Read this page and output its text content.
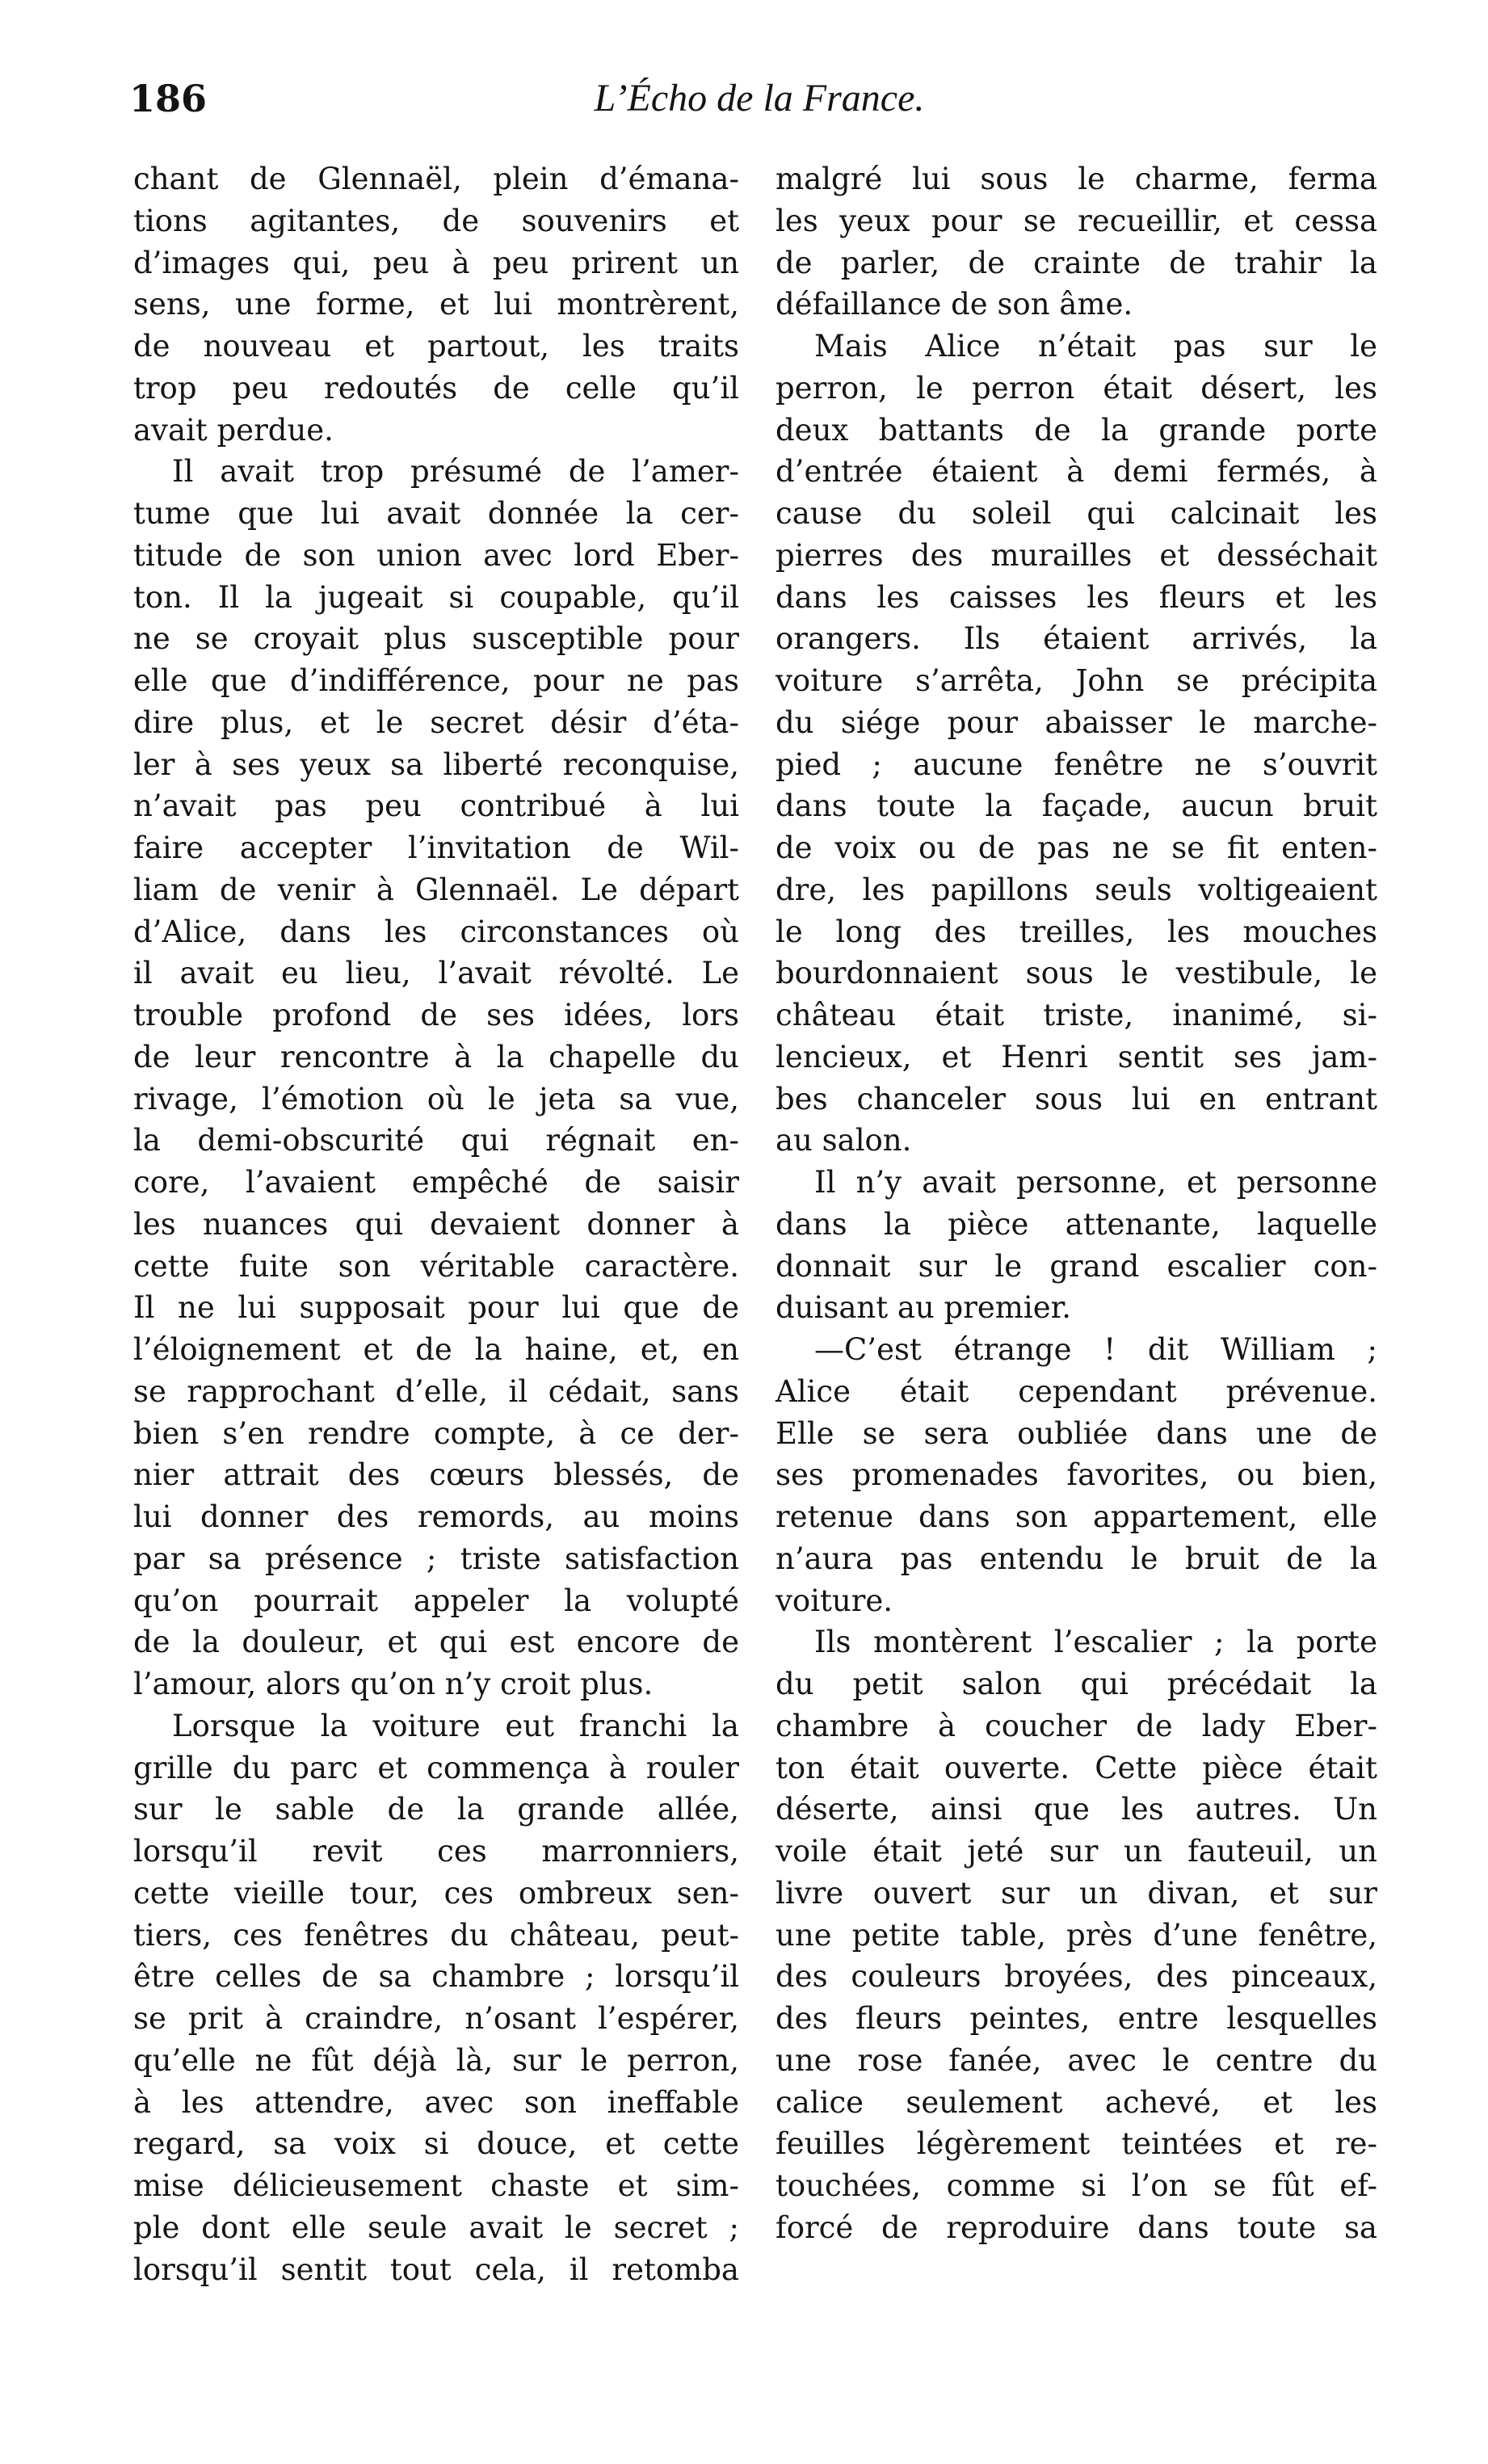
186	L’Écho de la France.
chant de Glennaël, plein d’émana-
tions agitantes, de souvenirs et
d’images qui, peu à peu prirent un
sens, une forme, et lui montrèrent,
de nouveau et partout, les traits
trop peu redoutés de celle qu’il
avait perdue.
Il avait trop présumé de l’amer-
tume que lui avait donnée la cer-
titude de son union avec lord Eber-
ton. Il la jugeait si coupable, qu’il
ne se croyait plus susceptible pour
elle que d’indifférence, pour ne pas
dire plus, et le secret désir d’éta-
ler à ses yeux sa liberté reconquise,
n’avait pas peu contribué à lui
faire accepter l’invitation de Wil-
liam de venir à Glennaël. Le départ
d’Alice, dans les circonstances où
il avait eu lieu, l’avait révolté. Le
trouble profond de ses idées, lors
de leur rencontre à la chapelle du
rivage, l’émotion où le jeta sa vue,
la demi-obscurité qui régnait en-
core, l’avaient empêché de saisir
les nuances qui devaient donner à
cette fuite son véritable caractère.
Il ne lui supposait pour lui que de
l’éloignement et de la haine, et, en
se rapprochant d’elle, il cédait, sans
bien s’en rendre compte, à ce der-
nier attrait des cœurs blessés, de
lui donner des remords, au moins
par sa présence ; triste satisfaction
qu’on pourrait appeler la volupté
de la douleur, et qui est encore de
l’amour, alors qu’on n’y croit plus.
Lorsque la voiture eut franchi la
grille du parc et commença à rouler
sur le sable de la grande allée,
lorsqu’il revit ces marronniers,
cette vieille tour, ces ombreux sen-
tiers, ces fenêtres du château, peut-
être celles de sa chambre ; lorsqu’il
se prit à craindre, n’osant l’espérer,
qu’elle ne fût déjà là, sur le perron,
à les attendre, avec son ineffable
regard, sa voix si douce, et cette
mise délicieusement chaste et sim-
ple dont elle seule avait le secret ;
lorsqu’il sentit tout cela, il retomba
malgré lui sous le charme, ferma
les yeux pour se recueillir, et cessa
de parler, de crainte de trahir la
défaillance de son âme.
Mais Alice n’était pas sur le
perron, le perron était désert, les
deux battants de la grande porte
d’entrée étaient à demi fermés, à
cause du soleil qui calcinait les
pierres des murailles et desséchait
dans les caisses les fleurs et les
orangers. Ils étaient arrivés, la
voiture s’arrêta, John se précipita
du siége pour abaisser le marche-
pied ; aucune fenêtre ne s’ouvrit
dans toute la façade, aucun bruit
de voix ou de pas ne se fit enten-
dre, les papillons seuls voltigeaient
le long des treilles, les mouches
bourdonnaient sous le vestibule, le
château était triste, inanimé, si-
lencieux, et Henri sentit ses jam-
bes chanceler sous lui en entrant
au salon.
Il n’y avait personne, et personne
dans la pièce attenante, laquelle
donnait sur le grand escalier con-
duisant au premier.
—C’est étrange ! dit William ;
Alice était cependant prévenue.
Elle se sera oubliée dans une de
ses promenades favorites, ou bien,
retenue dans son appartement, elle
n’aura pas entendu le bruit de la
voiture.
Ils montèrent l’escalier ; la porte
du petit salon qui précédait la
chambre à coucher de lady Eber-
ton était ouverte. Cette pièce était
déserte, ainsi que les autres. Un
voile était jeté sur un fauteuil, un
livre ouvert sur un divan, et sur
une petite table, près d’une fenêtre,
des couleurs broyées, des pinceaux,
des fleurs peintes, entre lesquelles
une rose fanée, avec le centre du
calice seulement achevé, et les
feuilles légèrement teintées et re-
touchées, comme si l’on se fût ef-
forcé de reproduire dans toute sa
